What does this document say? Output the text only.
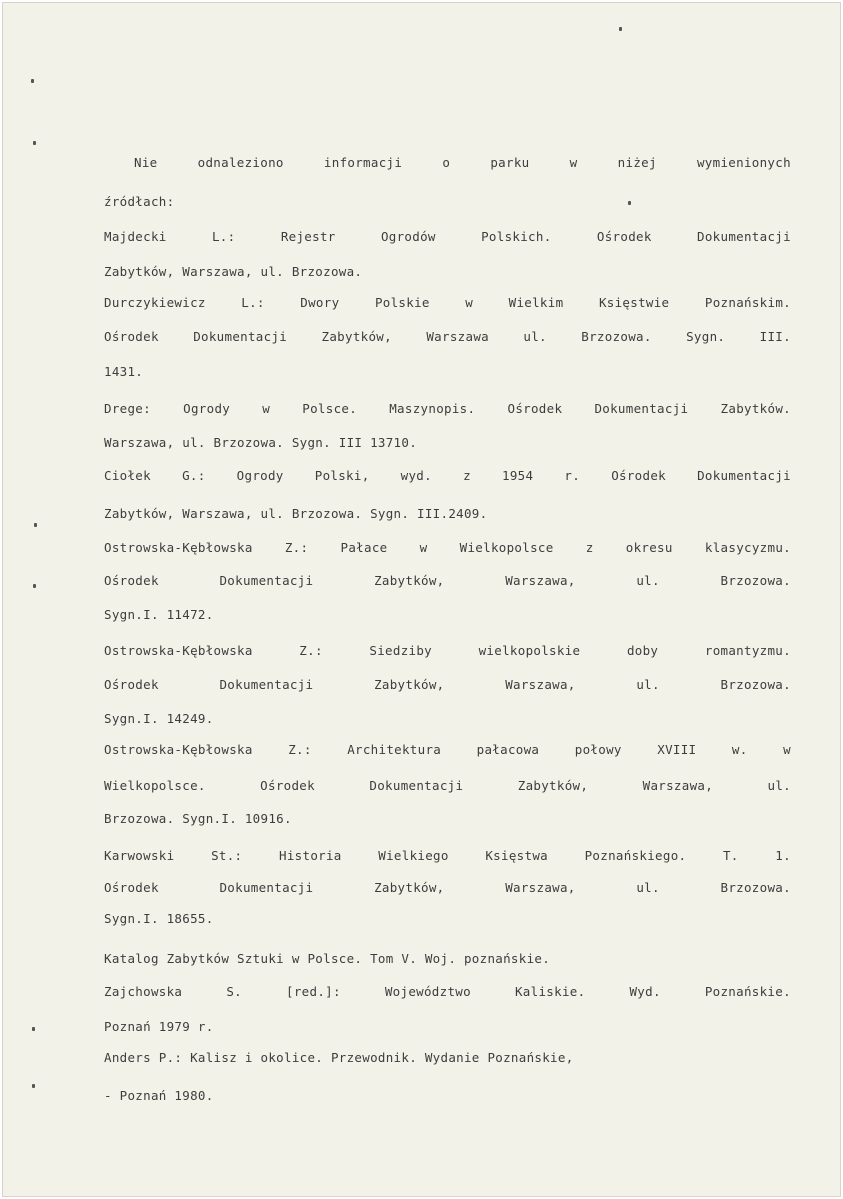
Nie	odnaleziono	informacji	o	parku	w	niżej	wymienionych
źródłach:
Majdecki	L.:	Rejestr	Ogrodów	Polskich.	Ośrodek	Dokumentacji
Zabytków, Warszawa, ul. Brzozowa.
Durczykiewicz	L.:	Dwory	Polskie	w	Wielkim	Księstwie	Poznańskim.
Ośrodek	Dokumentacji	Zabytków,	Warszawa	ul.	Brzozowa.	Sygn.	III.
1431.
Drege:	Ogrody	w	Polsce.	Maszynopis.	Ośrodek	Dokumentacji	Zabytków.
Warszawa, ul. Brzozowa. Sygn. III 13710.
Ciołek G.: Ogrody Polski, wyd. z 1954 r. Ośrodek Dokumentacji
Zabytków, Warszawa, ul. Brzozowa. Sygn. III.2409.
Ostrowska-Kębłowska	Z.:	Pałace	w	Wielkopolsce	z	okresu	klasycyzmu.
Ośrodek	Dokumentacji	Zabytków,	Warszawa,	ul.	Brzozowa.
Sygn.I. 11472.
Ostrowska-Kębłowska	Z.:	Siedziby	wielkopolskie	doby	romantyzmu.
Ośrodek	Dokumentacji	Zabytków,	Warszawa,	ul.	Brzozowa.
Sygn.I. 14249.
Ostrowska-Kębłowska	Z.:	Architektura	pałacowa	połowy	XVIII	w.	w
Wielkopolsce.	Ośrodek	Dokumentacji	Zabytków,	Warszawa,	ul.
Brzozowa. Sygn.I. 10916.
Karwowski	St.:	Historia	Wielkiego	Księstwa	Poznańskiego.	T.	1.
Ośrodek	Dokumentacji	Zabytków,	Warszawa,	ul.	Brzozowa.
Sygn.I. 18655.
Katalog Zabytków Sztuki w Polsce. Tom V. Woj. poznańskie.
Zajchowska	S.	[red.]:	Województwo	Kaliskie.	Wyd.	Poznańskie.
Poznań 1979 r.
Anders P.: Kalisz i okolice. Przewodnik. Wydanie Poznańskie,
- Poznań 1980.
